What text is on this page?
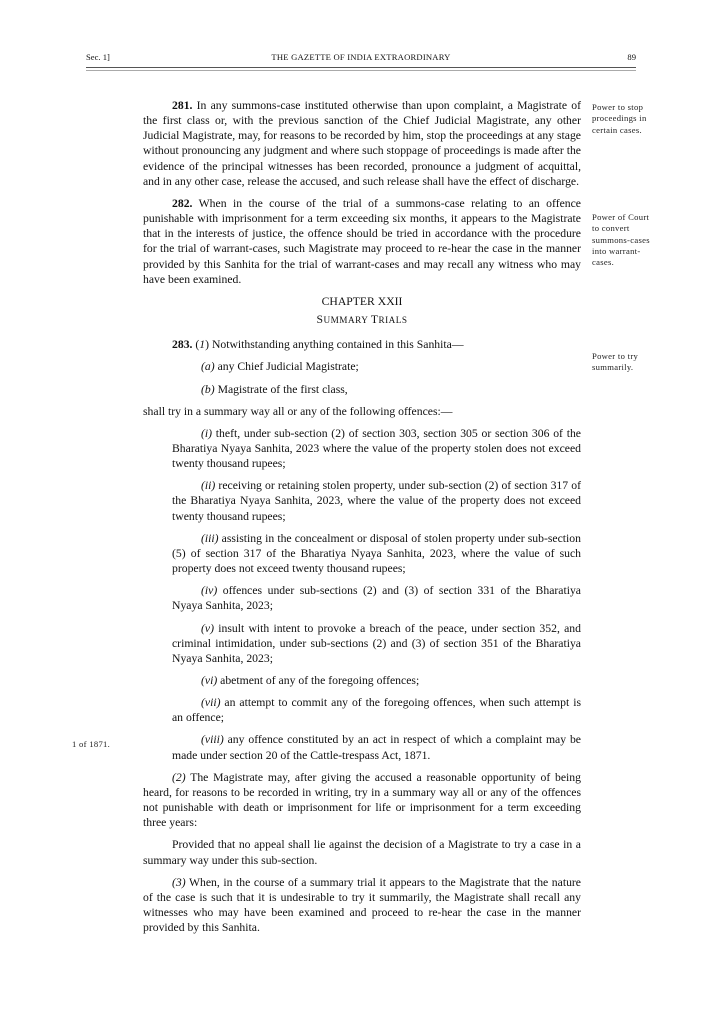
Sec. 1]	THE GAZETTE OF INDIA EXTRAORDINARY	89

281. In any summons-case instituted otherwise than upon complaint, a Magistrate of the first class or, with the previous sanction of the Chief Judicial Magistrate, any other Judicial Magistrate, may, for reasons to be recorded by him, stop the proceedings at any stage without pronouncing any judgment and where such stoppage of proceedings is made after the evidence of the principal witnesses has been recorded, pronounce a judgment of acquittal, and in any other case, release the accused, and such release shall have the effect of discharge.

282. When in the course of the trial of a summons-case relating to an offence punishable with imprisonment for a term exceeding six months, it appears to the Magistrate that in the interests of justice, the offence should be tried in accordance with the procedure for the trial of warrant-cases, such Magistrate may proceed to re-hear the case in the manner provided by this Sanhita for the trial of warrant-cases and may recall any witness who may have been examined.

CHAPTER XXII

SUMMARY TRIALS

283. (1) Notwithstanding anything contained in this Sanhita—

(a) any Chief Judicial Magistrate;

(b) Magistrate of the first class,

shall try in a summary way all or any of the following offences:—

(i) theft, under sub-section (2) of section 303, section 305 or section 306 of the Bharatiya Nyaya Sanhita, 2023 where the value of the property stolen does not exceed twenty thousand rupees;

(ii) receiving or retaining stolen property, under sub-section (2) of section 317 of the Bharatiya Nyaya Sanhita, 2023, where the value of the property does not exceed twenty thousand rupees;

(iii) assisting in the concealment or disposal of stolen property under sub-section (5) of section 317 of the Bharatiya Nyaya Sanhita, 2023, where the value of such property does not exceed twenty thousand rupees;

(iv) offences under sub-sections (2) and (3) of section 331 of the Bharatiya Nyaya Sanhita, 2023;

(v) insult with intent to provoke a breach of the peace, under section 352, and criminal intimidation, under sub-sections (2) and (3) of section 351 of the Bharatiya Nyaya Sanhita, 2023;

(vi) abetment of any of the foregoing offences;

(vii) an attempt to commit any of the foregoing offences, when such attempt is an offence;

(viii) any offence constituted by an act in respect of which a complaint may be made under section 20 of the Cattle-trespass Act, 1871.

(2) The Magistrate may, after giving the accused a reasonable opportunity of being heard, for reasons to be recorded in writing, try in a summary way all or any of the offences not punishable with death or imprisonment for life or imprisonment for a term exceeding three years:

Provided that no appeal shall lie against the decision of a Magistrate to try a case in a summary way under this sub-section.

(3) When, in the course of a summary trial it appears to the Magistrate that the nature of the case is such that it is undesirable to try it summarily, the Magistrate shall recall any witnesses who may have been examined and proceed to re-hear the case in the manner provided by this Sanhita.

Power to stop proceedings in certain cases.
Power of Court to convert summons-cases into warrant-cases.
Power to try summarily.
1 of 1871.
